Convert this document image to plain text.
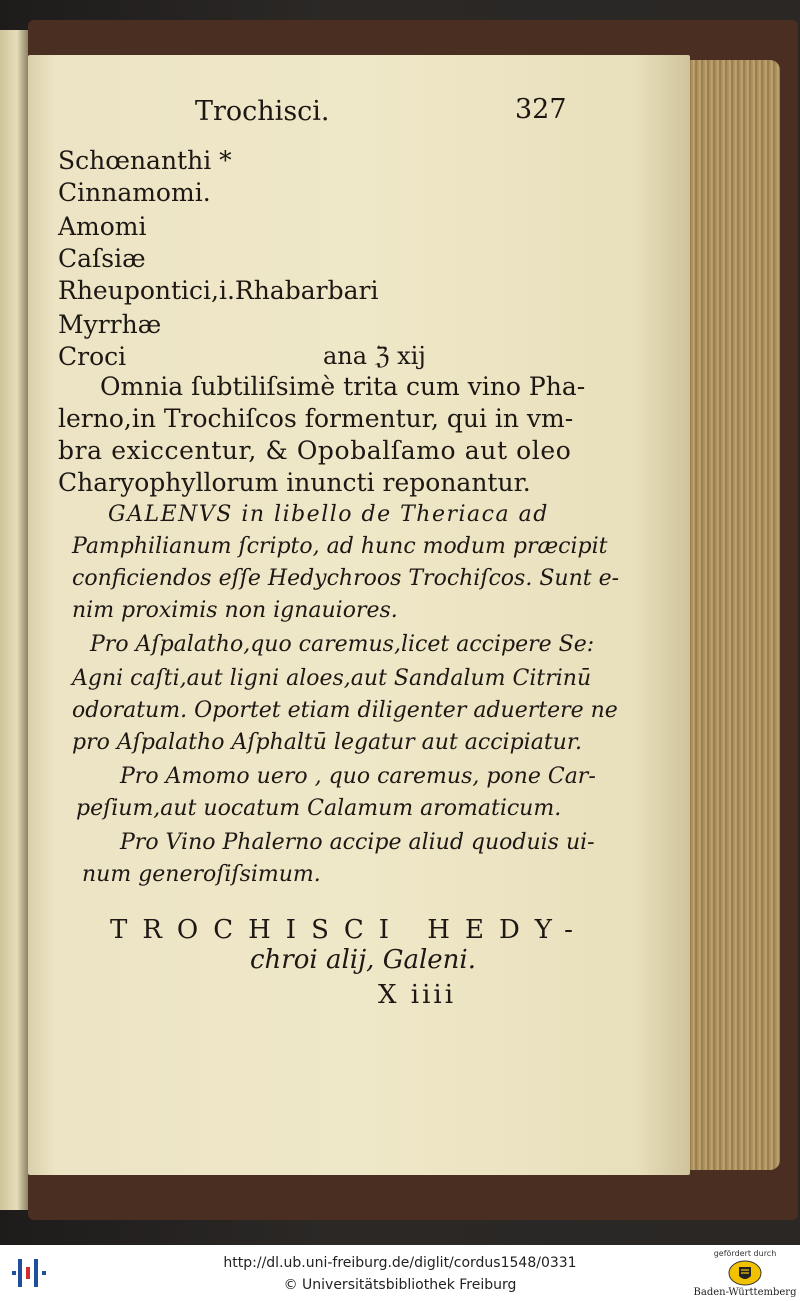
Trochisci.	327
Schœnanthi *
Cinnamomi.
Amomi
Caſsiæ
Rheupontici,i.Rhabarbari
Myrrhæ
Croci	ana ℨ xij
Omnia ſubtiliſsimè trita cum vino Pha-
lerno,in Trochiſcos formentur, qui in vm-
bra exiccentur, & Opobalſamo aut oleo
Charyophyllorum inuncti reponantur.
GALENVS in libello de Theriaca ad
Pamphilianum ſcripto, ad hunc modum præcipit
conficiendos eſſe Hedychroos Trochiſcos. Sunt e-
nim proximis non ignauiores.
Pro Aſpalatho,quo caremus,licet accipere Se:
Agni caſti,aut ligni aloes,aut Sandalum Citrinū
odoratum. Oportet etiam diligenter aduertere ne
pro Aſpalatho Aſphaltū legatur aut accipiatur.
Pro Amomo uero , quo caremus, pone Car-
peſium,aut uocatum Calamum aromaticum.
Pro Vino Phalerno accipe aliud quoduis ui-
num generoſiſsimum.
TROCHISCI HEDY-
chroi alij, Galeni.
X iiii
http://dl.ub.uni-freiburg.de/diglit/cordus1548/0331
© Universitätsbibliothek Freiburg
gefördert durch
Baden-Württemberg
